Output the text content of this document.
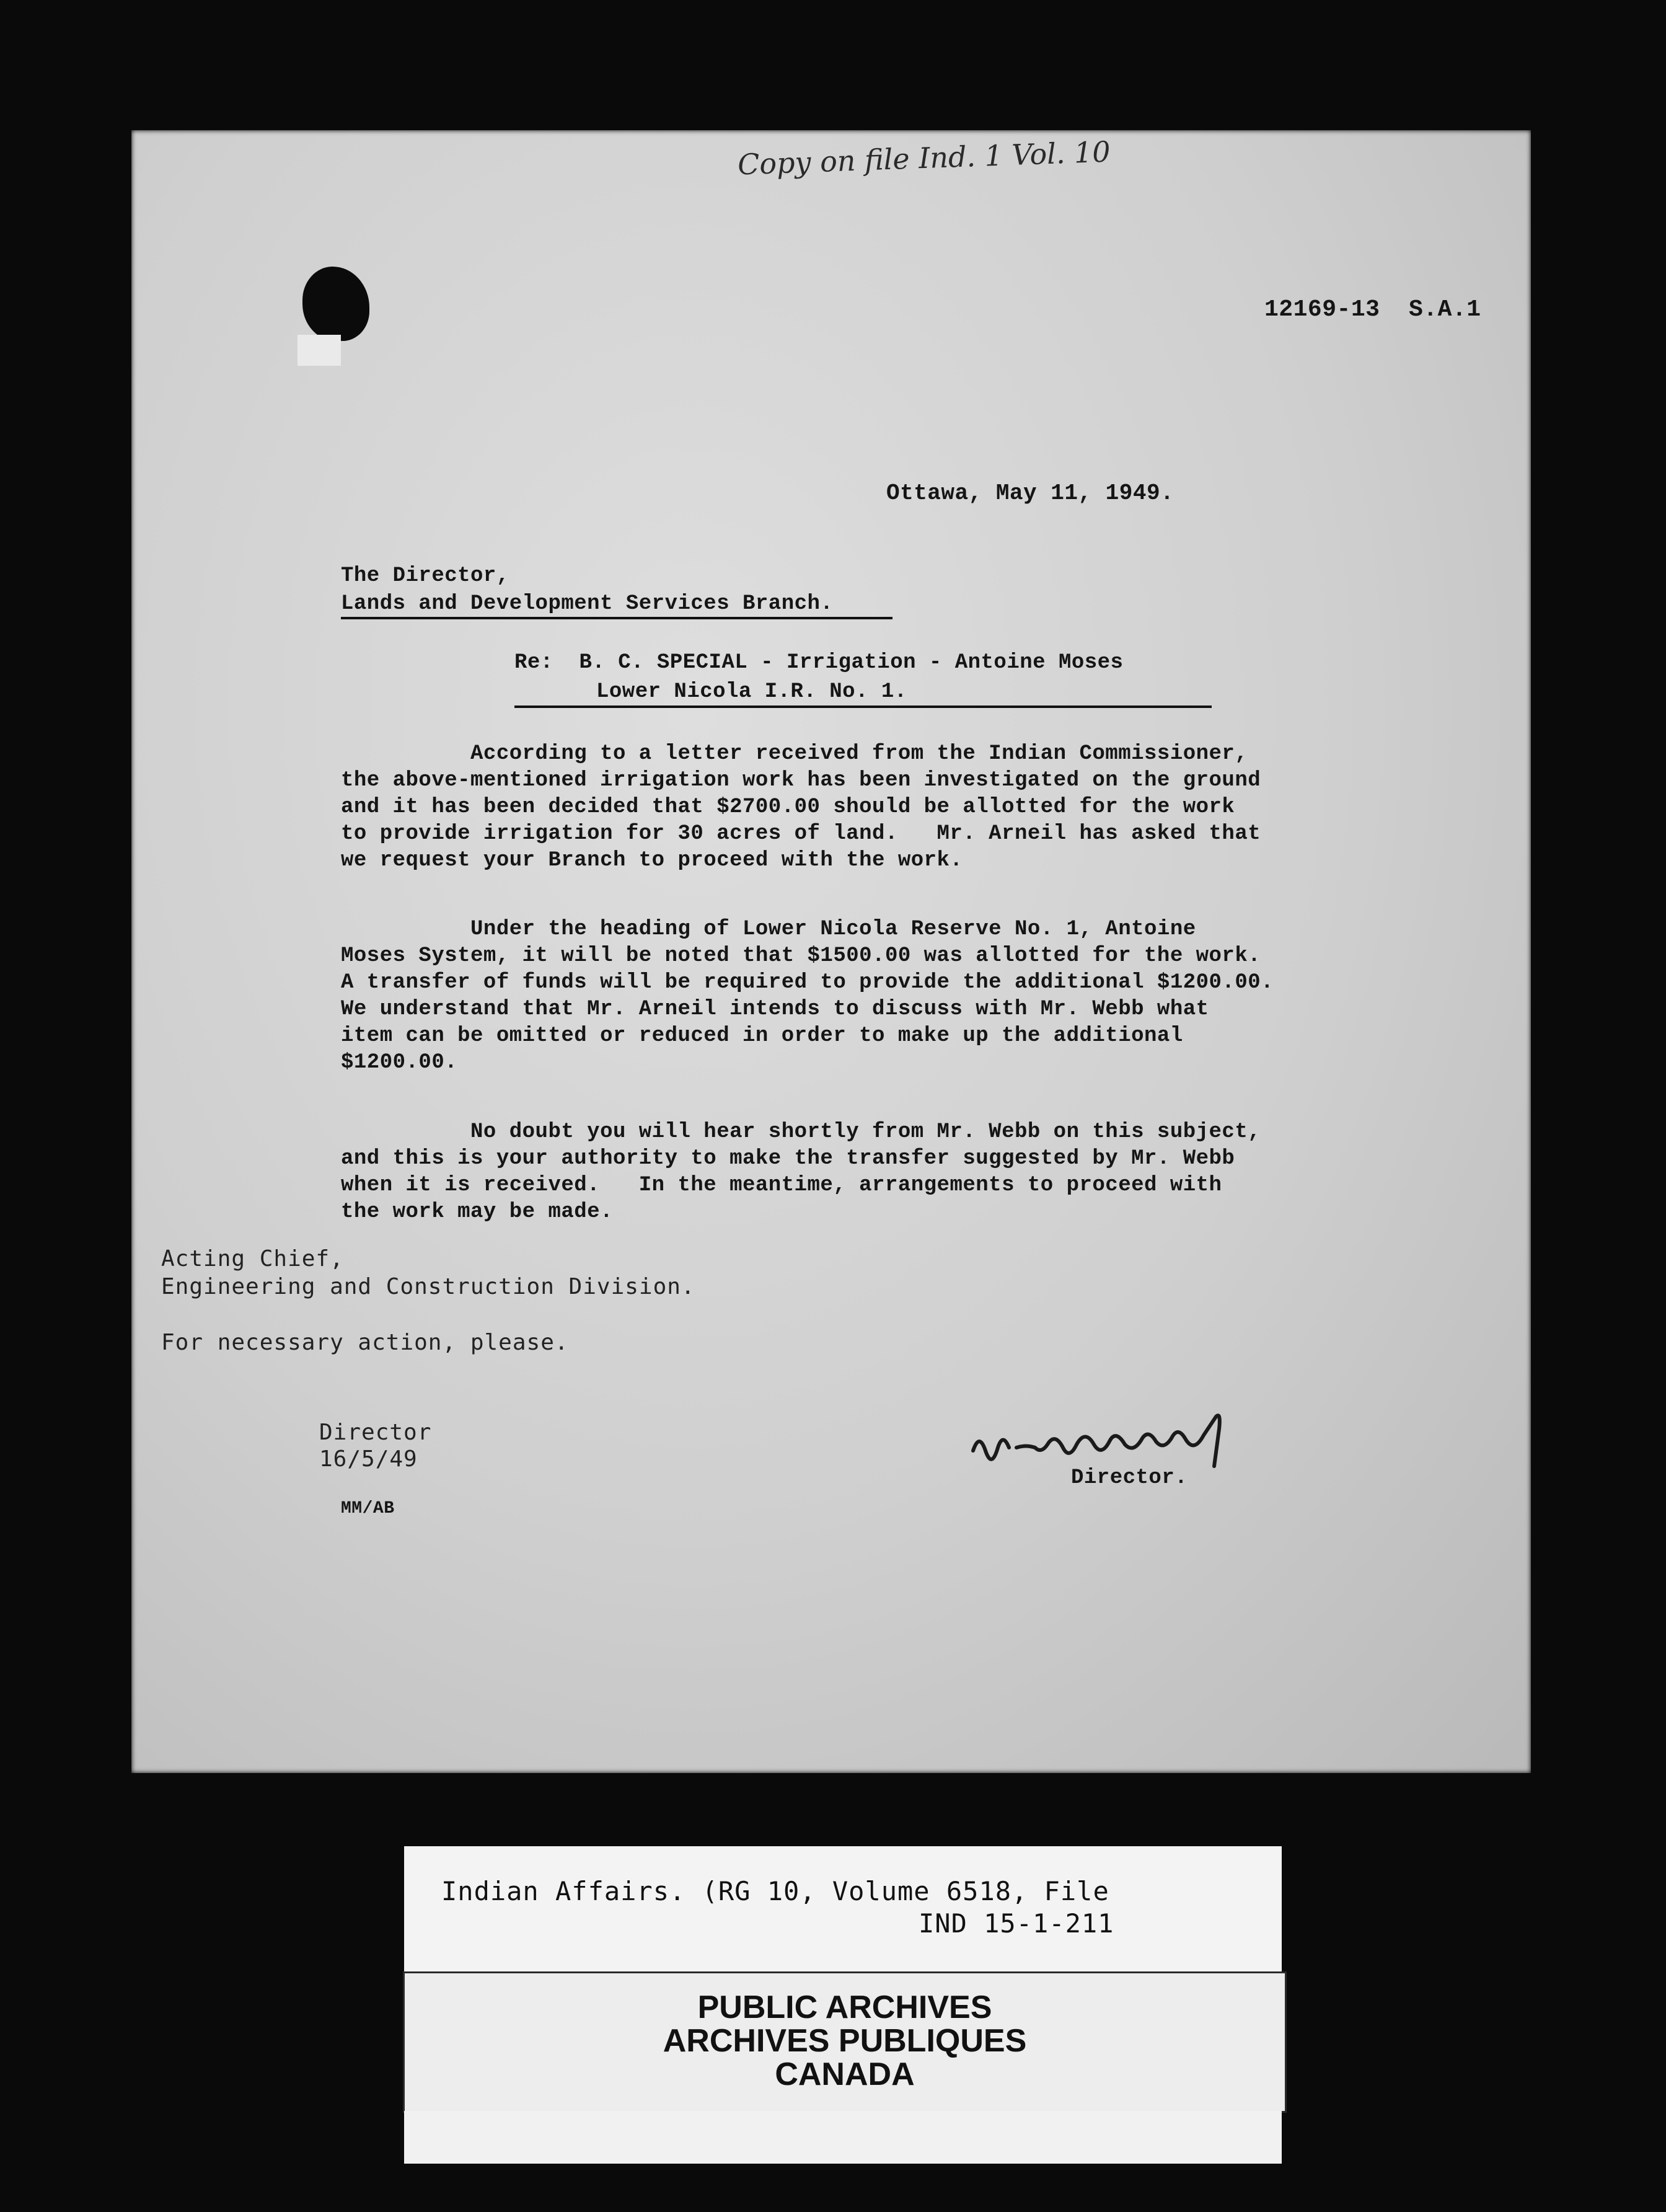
Copy on file Ind. 1 Vol. 10
12169-13  S.A.1
Ottawa, May 11, 1949.
The Director,
Lands and Development Services Branch.
Re:  B. C. SPECIAL - Irrigation - Antoine Moses
Lower Nicola I.R. No. 1.
According to a letter received from the Indian Commissioner,
the above-mentioned irrigation work has been investigated on the ground
and it has been decided that $2700.00 should be allotted for the work
to provide irrigation for 30 acres of land.   Mr. Arneil has asked that
we request your Branch to proceed with the work.
Under the heading of Lower Nicola Reserve No. 1, Antoine
Moses System, it will be noted that $1500.00 was allotted for the work.
A transfer of funds will be required to provide the additional $1200.00.
We understand that Mr. Arneil intends to discuss with Mr. Webb what
item can be omitted or reduced in order to make up the additional
$1200.00.
No doubt you will hear shortly from Mr. Webb on this subject,
and this is your authority to make the transfer suggested by Mr. Webb
when it is received.   In the meantime, arrangements to proceed with
the work may be made.
Acting Chief,
Engineering and Construction Division.
For necessary action, please.
Director
16/5/49
MM/AB
Director.
Indian Affairs. (RG 10, Volume 6518, File
IND 15-1-211
PUBLIC ARCHIVES
ARCHIVES PUBLIQUES
CANADA
